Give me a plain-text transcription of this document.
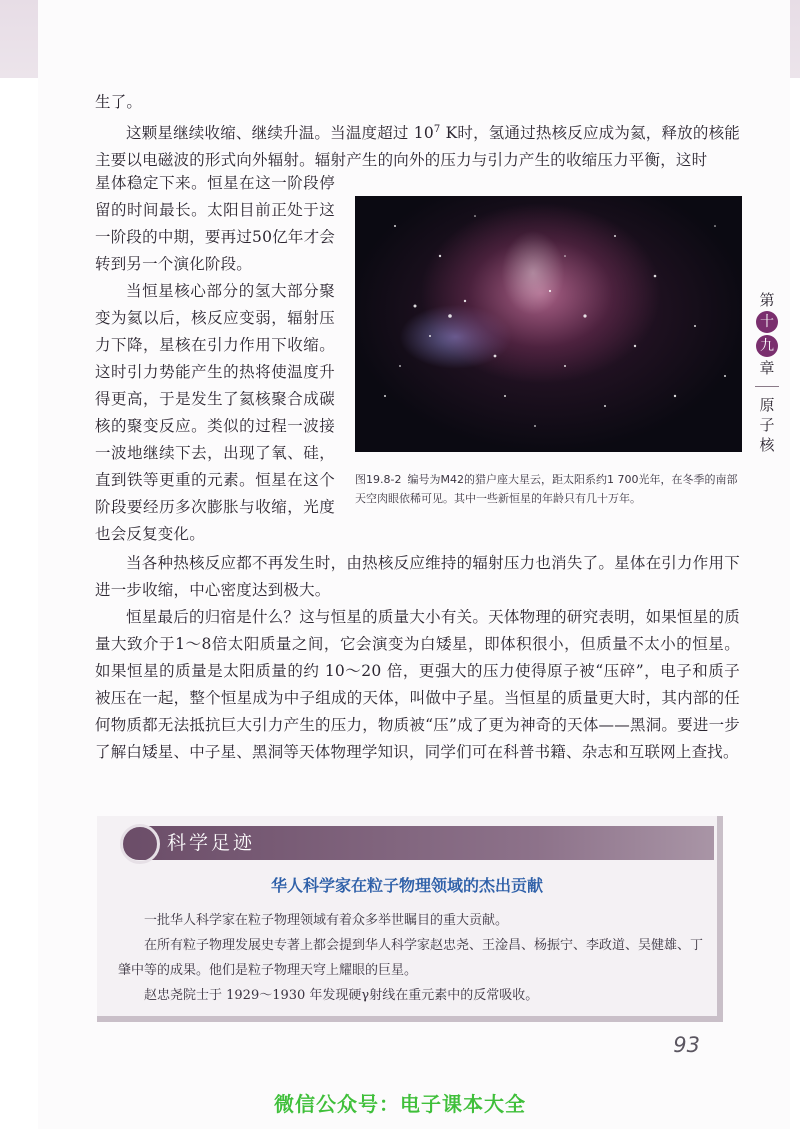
生了。

这颗星继续收缩、继续升温。当温度超过 $10^7$ K时，氢通过热核反应成为氦，释放的核能主要以电磁波的形式向外辐射。辐射产生的向外的压力与引力产生的收缩压力平衡，这时

星体稳定下来。恒星在这一阶段停留的时间最长。太阳目前正处于这一阶段的中期，要再过50亿年才会转到另一个演化阶段。

当恒星核心部分的氢大部分聚变为氦以后，核反应变弱，辐射压力下降，星核在引力作用下收缩。这时引力势能产生的热将使温度升得更高，于是发生了氦核聚合成碳核的聚变反应。类似的过程一波接一波地继续下去，出现了氧、硅，直到铁等更重的元素。恒星在这个阶段要经历多次膨胀与收缩，光度也会反复变化。

图19.8-2 编号为M42的猎户座大星云，距太阳系约1 700光年，在冬季的南部天空肉眼依稀可见。其中一些新恒星的年龄只有几十万年。
第
十
九
章
原
子
核

当各种热核反应都不再发生时，由热核反应维持的辐射压力也消失了。星体在引力作用下进一步收缩，中心密度达到极大。

恒星最后的归宿是什么？这与恒星的质量大小有关。天体物理的研究表明，如果恒星的质量大致介于1～8倍太阳质量之间，它会演变为白矮星，即体积很小，但质量不太小的恒星。如果恒星的质量是太阳质量的约 10～20 倍，更强大的压力使得原子被“压碎”，电子和质子被压在一起，整个恒星成为中子组成的天体，叫做中子星。当恒星的质量更大时，其内部的任何物质都无法抵抗巨大引力产生的压力，物质被“压”成了更为神奇的天体——黑洞。要进一步了解白矮星、中子星、黑洞等天体物理学知识，同学们可在科普书籍、杂志和互联网上查找。

科学足迹
华人科学家在粒子物理领域的杰出贡献

一批华人科学家在粒子物理领域有着众多举世瞩目的重大贡献。

在所有粒子物理发展史专著上都会提到华人科学家赵忠尧、王淦昌、杨振宁、李政道、吴健雄、丁肇中等的成果。他们是粒子物理天穹上耀眼的巨星。

赵忠尧院士于 1929～1930 年发现硬γ射线在重元素中的反常吸收。

93
微信公众号：电子课本大全
